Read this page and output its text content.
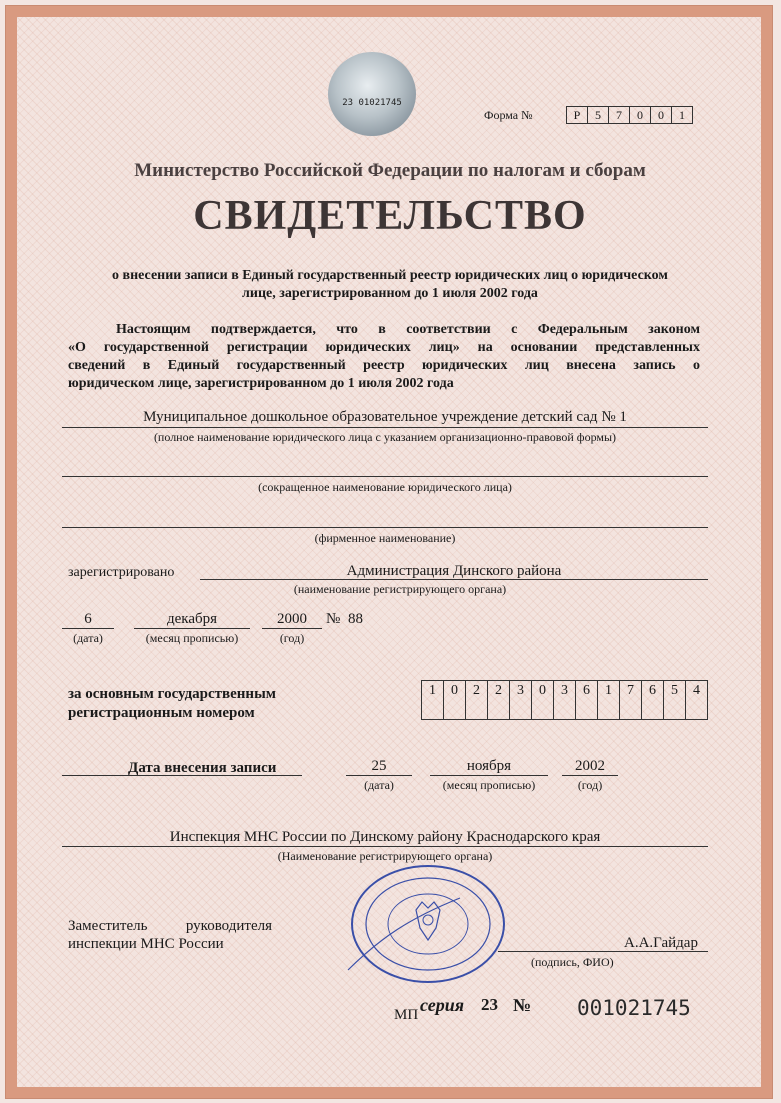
23 01021745
Форма №	Р	5	7	0	0	1
Министерство Российской Федерации по налогам и сборам
СВИДЕТЕЛЬСТВО
о внесении записи в Единый государственный реестр юридических лиц о юридическом
лице, зарегистрированном до 1 июля 2002 года
Настоящим подтверждается, что в соответствии с Федеральным законом
«О государственной регистрации юридических лиц» на основании представленных
сведений в Единый государственный реестр юридических лиц внесена запись о
юридическом лице, зарегистрированном до 1 июля 2002 года
Муниципальное дошкольное образовательное учреждение детский сад № 1
(полное наименование юридического лица с указанием организационно-правовой формы)
(сокращенное наименование юридического лица)
(фирменное наименование)
зарегистрировано	Администрация Динского района
(наименование регистрирующего органа)
6
(дата)
декабря
(месяц прописью)
2000
(год)
№ 88
за основным государственным
регистрационным номером
1	0	2	2	3	0	3	6	1	7	6	5	4
Дата внесения записи	25
(дата)
ноября
(месяц прописью)
2002
(год)
Инспекция МНС России по Динскому району Краснодарского края
(Наименование регистрирующего органа)
Заместитель руководителя
инспекции МНС России	А.А.Гайдар
(подпись, ФИО)
МП серия 23 № 001021745
